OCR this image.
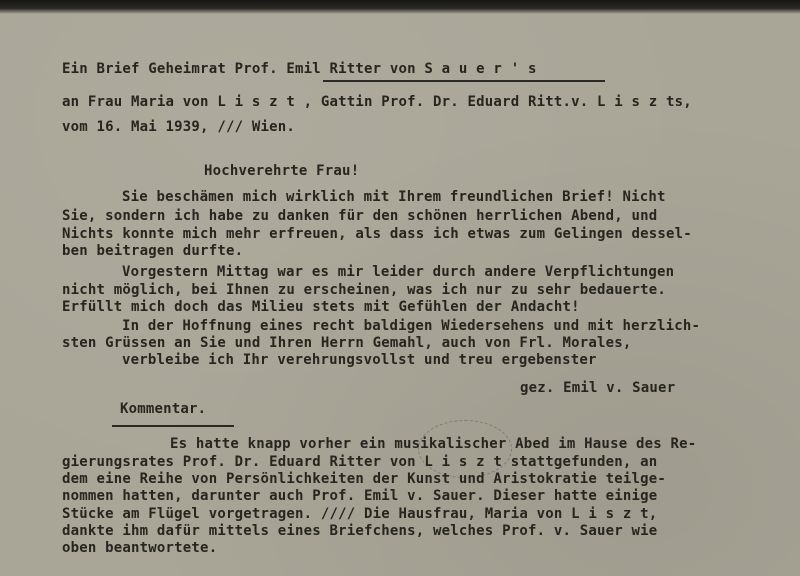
Ein Brief Geheimrat Prof. Emil Ritter von S a u e r ' s
an Frau Maria von L i s z t , Gattin Prof. Dr. Eduard Ritt.v. L i s z ts,
vom 16. Mai 1939, /// Wien.
Hochverehrte Frau!
Sie beschämen mich wirklich mit Ihrem freundlichen Brief! Nicht
Sie, sondern ich habe zu danken für den schönen herrlichen Abend, und
Nichts konnte mich mehr erfreuen, als dass ich etwas zum Gelingen dessel-
ben beitragen durfte.
Vorgestern Mittag war es mir leider durch andere Verpflichtungen
nicht möglich, bei Ihnen zu erscheinen, was ich nur zu sehr bedauerte.
Erfüllt mich doch das Milieu stets mit Gefühlen der Andacht!
In der Hoffnung eines recht baldigen Wiedersehens und mit herzlich-
sten Grüssen an Sie und Ihren Herrn Gemahl, auch von Frl. Morales,
verbleibe ich Ihr verehrungsvollst und treu ergebenster
gez. Emil v. Sauer
Kommentar.
Es hatte knapp vorher ein musikalischer Abed im Hause des Re-
gierungsrates Prof. Dr. Eduard Ritter von L i s z t stattgefunden, an
dem eine Reihe von Persönlichkeiten der Kunst und Aristokratie teilge-
nommen hatten, darunter auch Prof. Emil v. Sauer. Dieser hatte einige
Stücke am Flügel vorgetragen. //// Die Hausfrau, Maria von L i s z t,
dankte ihm dafür mittels eines Briefchens, welches Prof. v. Sauer wie
oben beantwortete.
